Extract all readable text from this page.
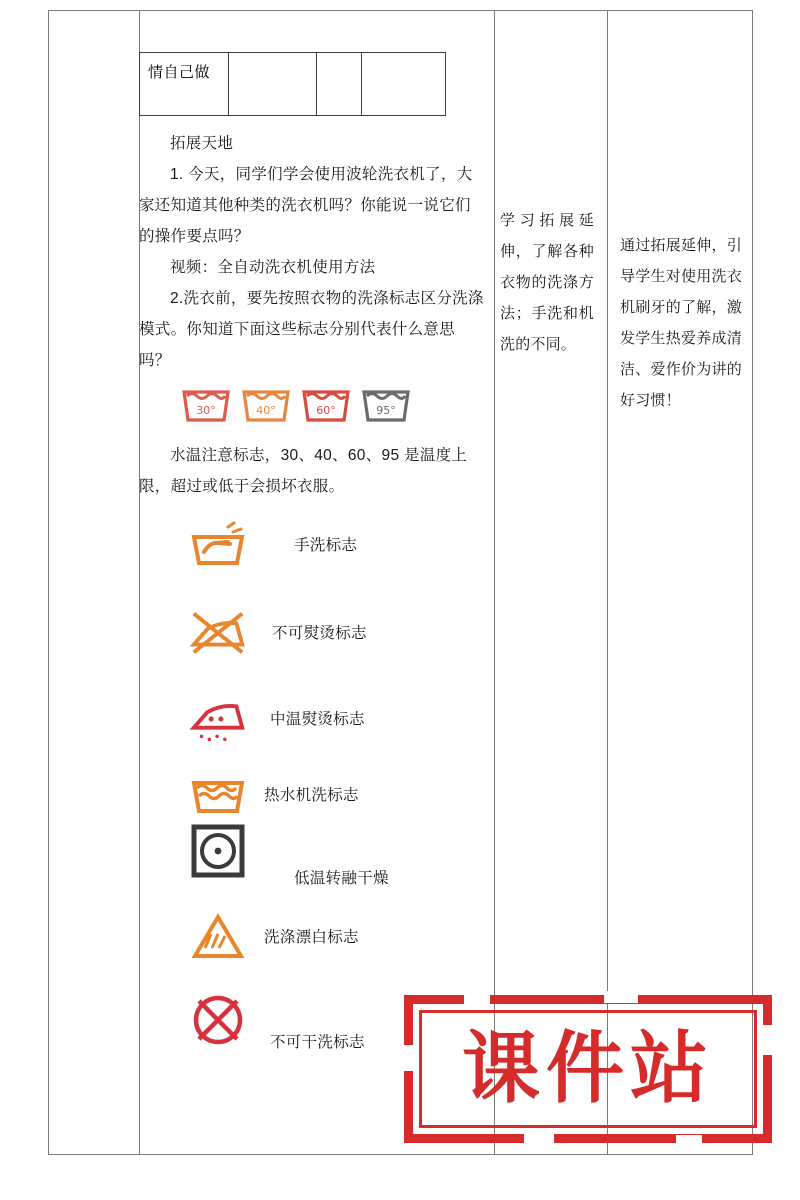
情自己做

拓展天地

1. 今天，同学们学会使用波轮洗衣机了，大家还知道其他种类的洗衣机吗？你能说一说它们的操作要点吗？

视频：全自动洗衣机使用方法

2.洗衣前，要先按照衣物的洗涤标志区分洗涤模式。你知道下面这些标志分别代表什么意思吗？

30°	40°	60°	95°

水温注意标志，30、40、60、95 是温度上限，超过或低于会损坏衣服。

手洗标志
不可熨烫标志
中温熨烫标志
热水机洗标志
低温转融干燥
洗涤漂白标志
不可干洗标志
学习拓展延伸，了解各种衣物的洗涤方法；手洗和机洗的不同。
通过拓展延伸，引导学生对使用洗衣机刷牙的了解，激发学生热爱养成清洁、爱作价为讲的好习惯！
课件站
